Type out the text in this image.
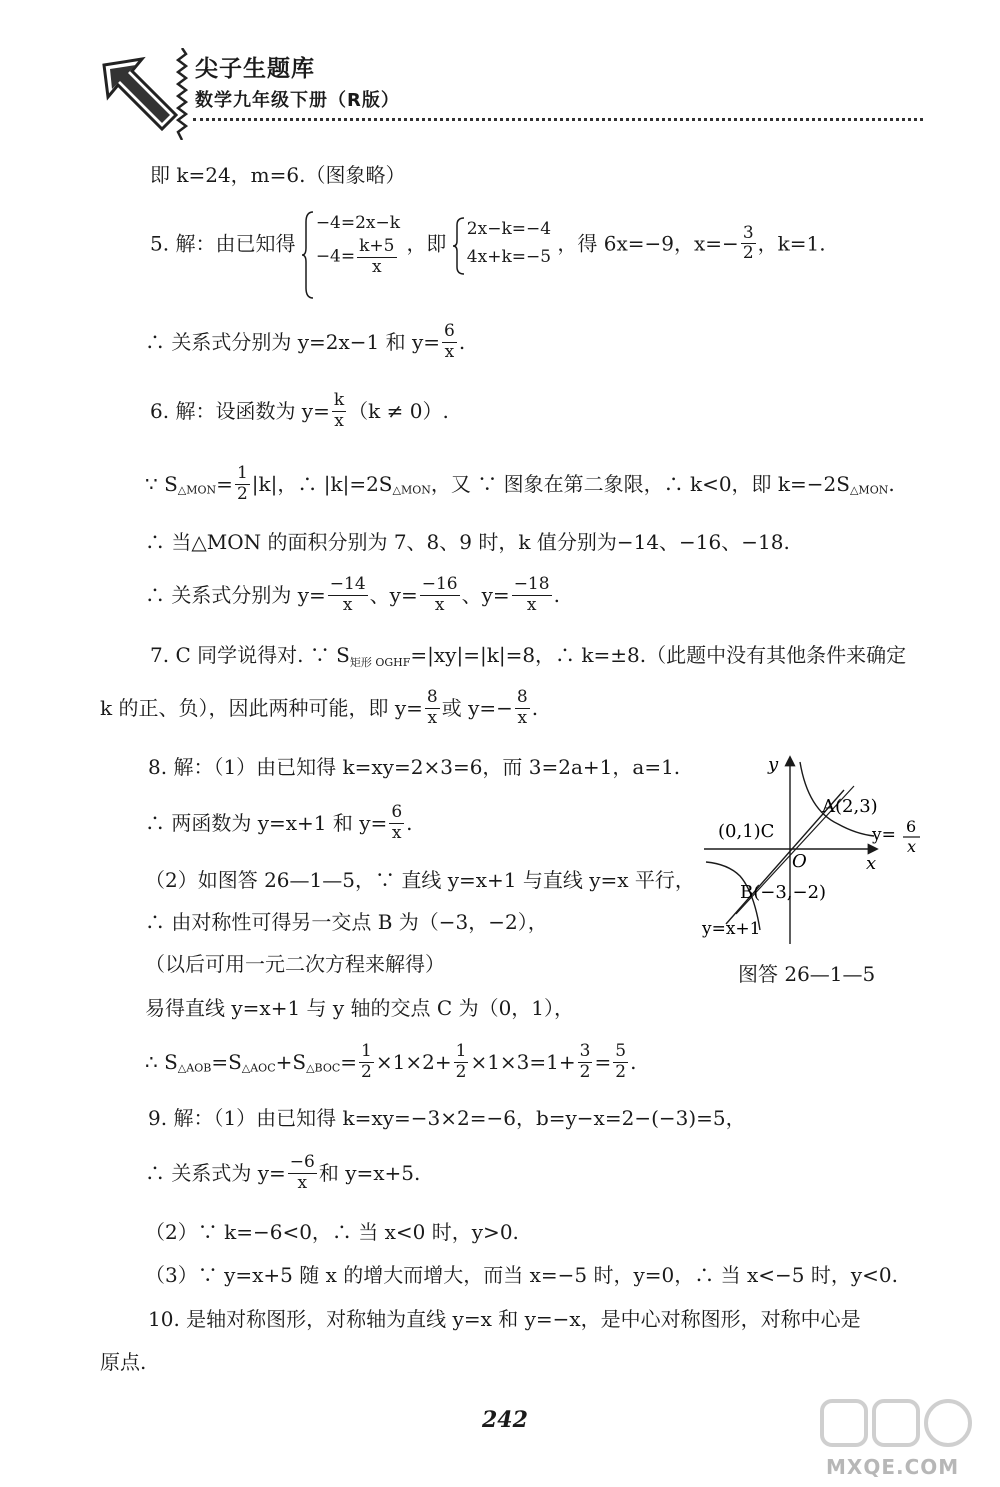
尖子生题库
数学九年级下册（R版）
即 k=24，m=6.（图象略）
5. 解：由已知得
−4=2x−k
$-4= \frac{k+5}{x}$ ，即
2x−k=−4
4x+k=−5
，得 6x=−9，$x=- \frac{3}{2}$ ，k=1.
∴ 关系式分别为 y=2x−1 和 $y= \frac{6}{x}$ .
6. 解：设函数为 $y= \frac{k}{x} (k \ne 0)$.
∵ $S_{\triangle MON}= \frac{1}{2} |k|$，∴ $|k|=2S_{\triangle MON}$，又 ∵ 图象在第二象限，∴ k<0，即 $k=-2S_{\triangle MON}$.
∴ 当△MON 的面积分别为 7、8、9 时，k 值分别为−14、−16、−18.
∴ 关系式分别为 $y= \frac{-14}{x}$ 、$y= \frac{-16}{x}$ 、$y= \frac{-18}{x}$ .
7. C 同学说得对. ∵ $S_{矩形 OGHF}=|xy|=|k|=8$，∴ k=±8.（此题中没有其他条件来确定
k 的正、负），因此两种可能，即 $y= \frac{8}{x}$ 或 $y=- \frac{8}{x}$ .
8. 解：（1）由已知得 k=xy=2×3=6，而 3=2a+1，a=1.
∴ 两函数为 y=x+1 和 $y= \frac{6}{x}$ .
（2）如图答 26—1—5，∵ 直线 y=x+1 与直线 y=x 平行，
∴ 由对称性可得另一交点 B 为（−3，−2），
（以后可用一元二次方程来解得）
易得直线 y=x+1 与 y 轴的交点 C 为（0，1），
∴ $S_{\triangle AOB}=S_{\triangle AOC}+S_{\triangle BOC}= \frac{1}{2} \times 1\times 2+ \frac{1}{2} \times 1\times 3=1+ \frac{3}{2} = \frac{5}{2}$ .
9. 解：（1）由已知得 k=xy=−3×2=−6，b=y−x=2−(−3)=5，
∴ 关系式为 $y= \frac{-6}{x}$ 和 y=x+5.
（2）∵ k=−6<0，∴ 当 x<0 时，y>0.
（3）∵ y=x+5 随 x 的增大而增大，而当 x=−5 时，y=0，∴ 当 x<−5 时，y<0.
10. 是轴对称图形，对称轴为直线 y=x 和 y=−x，是中心对称图形，对称中心是
原点.
y
x
O
A(2,3)
(0,1)C
B(−3,−2)
y= 6
x
y=x+1
图答 26—1—5
242
MXQE.COM
